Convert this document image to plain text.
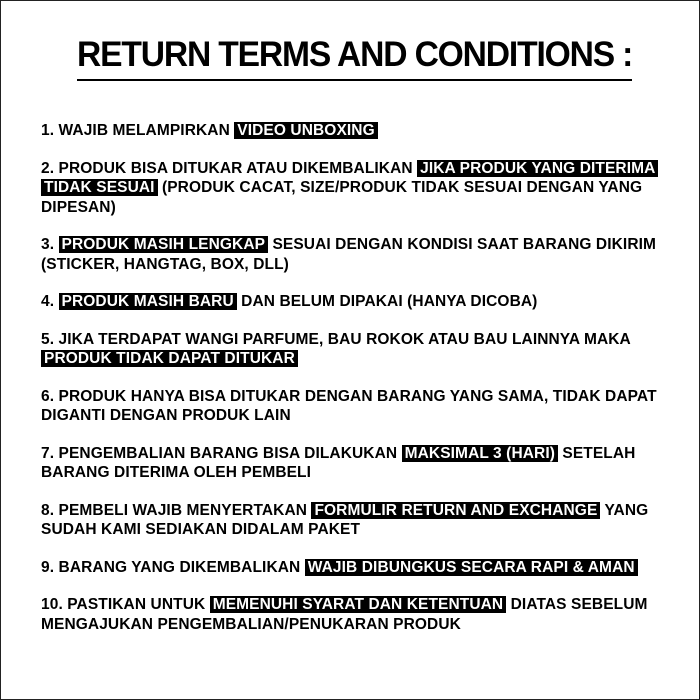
RETURN TERMS AND CONDITIONS :

1. WAJIB MELAMPIRKAN VIDEO UNBOXING

2. PRODUK BISA DITUKAR ATAU DIKEMBALIKAN JIKA PRODUK YANG DITERIMA TIDAK SESUAI (PRODUK CACAT, SIZE/PRODUK TIDAK SESUAI DENGAN YANG DIPESAN)

3. PRODUK MASIH LENGKAP SESUAI DENGAN KONDISI SAAT BARANG DIKIRIM (STICKER, HANGTAG, BOX, DLL)

4. PRODUK MASIH BARU DAN BELUM DIPAKAI (HANYA DICOBA)

5. JIKA TERDAPAT WANGI PARFUME, BAU ROKOK ATAU BAU LAINNYA MAKA PRODUK TIDAK DAPAT DITUKAR

6. PRODUK HANYA BISA DITUKAR DENGAN BARANG YANG SAMA, TIDAK DAPAT DIGANTI DENGAN PRODUK LAIN

7. PENGEMBALIAN BARANG BISA DILAKUKAN MAKSIMAL 3 (HARI) SETELAH BARANG DITERIMA OLEH PEMBELI

8. PEMBELI WAJIB MENYERTAKAN FORMULIR RETURN AND EXCHANGE YANG SUDAH KAMI SEDIAKAN DIDALAM PAKET

9. BARANG YANG DIKEMBALIKAN WAJIB DIBUNGKUS SECARA RAPI & AMAN

10. PASTIKAN UNTUK MEMENUHI SYARAT DAN KETENTUAN DIATAS SEBELUM MENGAJUKAN PENGEMBALIAN/PENUKARAN PRODUK
